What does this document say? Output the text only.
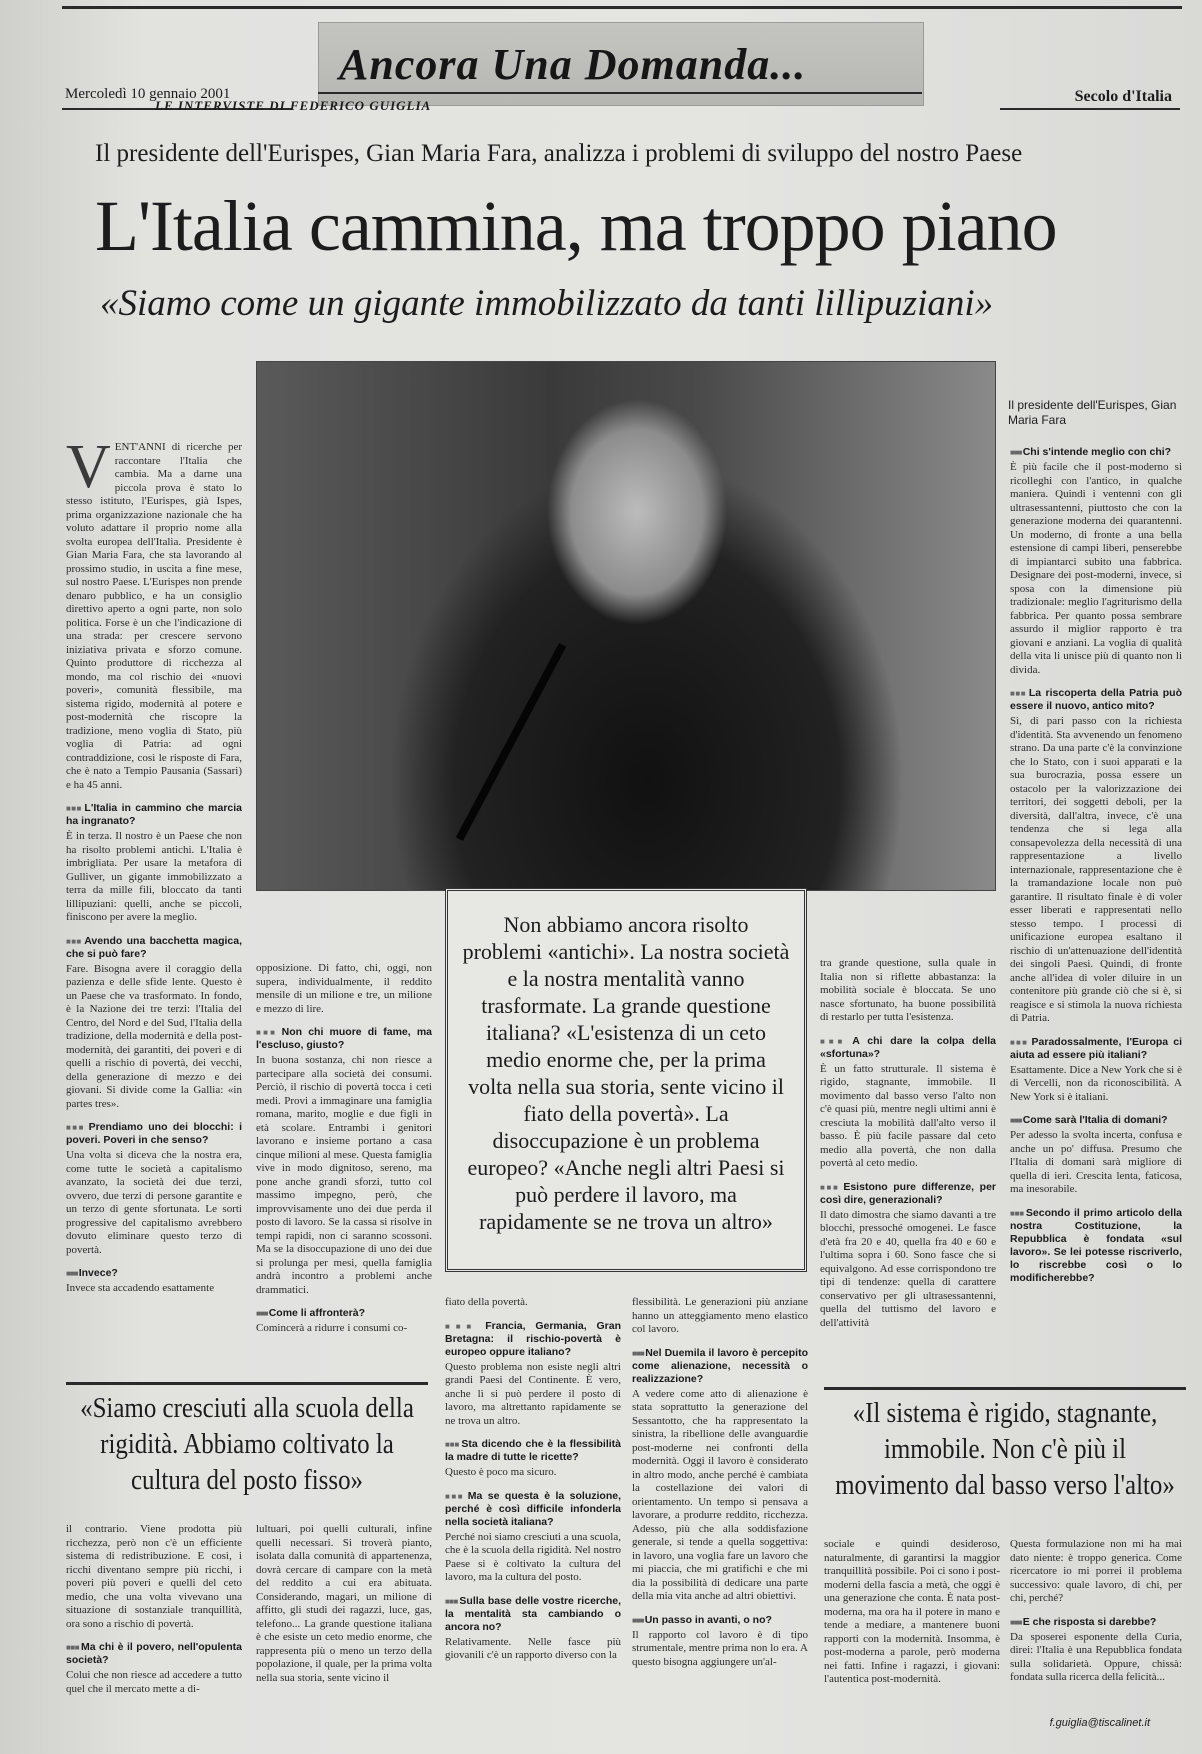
Mercoledì 10 gennaio 2001
Ancora Una Domanda...
LE INTERVISTE DI FEDERICO GUIGLIA
Secolo d'Italia
Il presidente dell'Eurispes, Gian Maria Fara, analizza i problemi di sviluppo del nostro Paese
L'Italia cammina, ma troppo piano
«Siamo come un gigante immobilizzato da tanti lillipuziani»
Il presidente dell'Eurispes, Gian Maria Fara
V ENT'ANNI di ricerche per raccontare l'Italia che cambia. Ma a darne una piccola prova è stato lo stesso istituto, l'Eurispes, già Ispes, prima organizzazione nazionale che ha voluto adattare il proprio nome alla svolta europea dell'Italia. Presidente è Gian Maria Fara, che sta lavorando al prossimo studio, in uscita a fine mese, sul nostro Paese. L'Eurispes non prende denaro pubblico, e ha un consiglio direttivo aperto a ogni parte, non solo politica. Forse è un che l'indicazione di una strada: per crescere servono iniziativa privata e sforzo comune. Quinto produttore di ricchezza al mondo, ma col rischio dei «nuovi poveri», comunità flessibile, ma sistema rigido, modernità al potere e post-modernità che riscopre la tradizione, meno voglia di Stato, più voglia di Patria: ad ogni contraddizione, così le risposte di Fara, che è nato a Tempio Pausania (Sassari) e ha 45 anni.
■■■ L'Italia in cammino che marcia ha ingranato?
È in terza. Il nostro è un Paese che non ha risolto problemi antichi. L'Italia è imbrigliata. Per usare la metafora di Gulliver, un gigante immobilizzato a terra da mille fili, bloccato da tanti lillipuziani: quelli, anche se piccoli, finiscono per avere la meglio.
■■■ Avendo una bacchetta magica, che si può fare?
Fare. Bisogna avere il coraggio della pazienza e delle sfide lente. Questo è un Paese che va trasformato. In fondo, è la Nazione dei tre terzi: l'Italia del Centro, del Nord e del Sud, l'Italia della tradizione, della modernità e della post-modernità, dei garantiti, dei poveri e di quelli a rischio di povertà, dei vecchi, della generazione di mezzo e dei giovani. Si divide come la Gallia: «in partes tres».
■■■ Prendiamo uno dei blocchi: i poveri. Poveri in che senso?
Una volta si diceva che la nostra era, come tutte le società a capitalismo avanzato, la società dei due terzi, ovvero, due terzi di persone garantite e un terzo di gente sfortunata. Le sorti progressive del capitalismo avrebbero dovuto eliminare questo terzo di povertà.
■■■ Invece?
Invece sta accadendo esattamente
opposizione. Di fatto, chi, oggi, non supera, individualmente, il reddito mensile di un milione e tre, un milione e mezzo di lire.
■■■ Non chi muore di fame, ma l'escluso, giusto?
In buona sostanza, chi non riesce a partecipare alla società dei consumi. Perciò, il rischio di povertà tocca i ceti medi. Provi a immaginare una famiglia romana, marito, moglie e due figli in età scolare. Entrambi i genitori lavorano e insieme portano a casa cinque milioni al mese. Questa famiglia vive in modo dignitoso, sereno, ma pone anche grandi sforzi, tutto col massimo impegno, però, che improvvisamente uno dei due perda il posto di lavoro. Se la cassa si risolve in tempi rapidi, non ci saranno scossoni. Ma se la disoccupazione di uno dei due si prolunga per mesi, quella famiglia andrà incontro a problemi anche drammatici.
■■■ Come li affronterà?
Comincerà a ridurre i consumi co-
Non abbiamo ancora risolto problemi «antichi». La nostra società e la nostra mentalità vanno trasformate. La grande questione italiana? «L'esistenza di un ceto medio enorme che, per la prima volta nella sua storia, sente vicino il fiato della povertà». La disoccupazione è un problema europeo? «Anche negli altri Paesi si può perdere il lavoro, ma rapidamente se ne trova un altro»
fiato della povertà.
■■■ Francia, Germania, Gran Bretagna: il rischio-povertà è europeo oppure italiano?
Questo problema non esiste negli altri grandi Paesi del Continente. È vero, anche lì si può perdere il posto di lavoro, ma altrettanto rapidamente se ne trova un altro.
■■■ Sta dicendo che è la flessibilità la madre di tutte le ricette?
Questo è poco ma sicuro.
■■■ Ma se questa è la soluzione, perché è così difficile infonderla nella società italiana?
Perché noi siamo cresciuti a una scuola, che è la scuola della rigidità. Nel nostro Paese si è coltivato la cultura del lavoro, ma la cultura del posto.
■■■ Sulla base delle vostre ricerche, la mentalità sta cambiando o ancora no?
Relativamente. Nelle fasce più giovanili c'è un rapporto diverso con la
flessibilità. Le generazioni più anziane hanno un atteggiamento meno elastico col lavoro.
■■■ Nel Duemila il lavoro è percepito come alienazione, necessità o realizzazione?
A vedere come atto di alienazione è stata soprattutto la generazione del Sessantotto, che ha rappresentato la sinistra, la ribellione delle avanguardie post-moderne nei confronti della modernità. Oggi il lavoro è considerato in altro modo, anche perché è cambiata la costellazione dei valori di orientamento. Un tempo si pensava a lavorare, a produrre reddito, ricchezza. Adesso, più che alla soddisfazione generale, si tende a quella soggettiva: in lavoro, una voglia fare un lavoro che mi piaccia, che mi gratifichi e che mi dia la possibilità di dedicare una parte della mia vita anche ad altri obiettivi.
■■■ Un passo in avanti, o no?
Il rapporto col lavoro è di tipo strumentale, mentre prima non lo era. A questo bisogna aggiungere un'al-
tra grande questione, sulla quale in Italia non si riflette abbastanza: la mobilità sociale è bloccata. Se uno nasce sfortunato, ha buone possibilità di restarlo per tutta l'esistenza.
■■■ A chi dare la colpa della «sfortuna»?
È un fatto strutturale. Il sistema è rigido, stagnante, immobile. Il movimento dal basso verso l'alto non c'è quasi più, mentre negli ultimi anni è cresciuta la mobilità dall'alto verso il basso. È più facile passare dal ceto medio alla povertà, che non dalla povertà al ceto medio.
■■■ Esistono pure differenze, per così dire, generazionali?
Il dato dimostra che siamo davanti a tre blocchi, pressoché omogenei. Le fasce d'età fra 20 e 40, quella fra 40 e 60 e l'ultima sopra i 60. Sono fasce che si equivalgono. Ad esse corrispondono tre tipi di tendenze: quella di carattere conservativo per gli ultrasessantenni, quella del tuttismo del lavoro e dell'attività
■■■ Chi s'intende meglio con chi?
È più facile che il post-moderno si ricolleghi con l'antico, in qualche maniera. Quindi i ventenni con gli ultrasessantenni, piuttosto che con la generazione moderna dei quarantenni. Un moderno, di fronte a una bella estensione di campi liberi, penserebbe di impiantarci subito una fabbrica. Designare dei post-moderni, invece, si sposa con la dimensione più tradizionale: meglio l'agriturismo della fabbrica. Per quanto possa sembrare assurdo il miglior rapporto è tra giovani e anziani. La voglia di qualità della vita li unisce più di quanto non li divida.
■■■ La riscoperta della Patria può essere il nuovo, antico mito?
Sì, di pari passo con la richiesta d'identità. Sta avvenendo un fenomeno strano. Da una parte c'è la convinzione che lo Stato, con i suoi apparati e la sua burocrazia, possa essere un ostacolo per la valorizzazione dei territori, dei soggetti deboli, per la diversità, dall'altra, invece, c'è una tendenza che si lega alla consapevolezza della necessità di una rappresentazione a livello internazionale, rappresentazione che è la tramandazione locale non può garantire. Il risultato finale è di voler esser liberati e rappresentati nello stesso tempo. I processi di unificazione europea esaltano il rischio di un'attenuazione dell'identità dei singoli Paesi. Quindi, di fronte anche all'idea di voler diluire in un contenitore più grande ciò che si è, si reagisce e si stimola la nuova richiesta di Patria.
■■■ Paradossalmente, l'Europa ci aiuta ad essere più italiani?
Esattamente. Dice a New York che si è di Vercelli, non da riconoscibilità. A New York si è italiani.
■■■ Come sarà l'Italia di domani?
Per adesso la svolta incerta, confusa e anche un po' diffusa. Presumo che l'Italia di domani sarà migliore di quella di ieri. Crescita lenta, faticosa, ma inesorabile.
■■■ Secondo il primo articolo della nostra Costituzione, la Repubblica è fondata «sul lavoro». Se lei potesse riscriverlo, lo riscrebbe così o lo modificherebbe?
«Siamo cresciuti alla scuola della rigidità. Abbiamo coltivato la cultura del posto fisso»
«Il sistema è rigido, stagnante, immobile. Non c'è più il movimento dal basso verso l'alto»
il contrario. Viene prodotta più ricchezza, però non c'è un efficiente sistema di redistribuzione. E così, i ricchi diventano sempre più ricchi, i poveri più poveri e quelli del ceto medio, che una volta vivevano una situazione di sostanziale tranquillità, ora sono a rischio di povertà.
■■■ Ma chi è il povero, nell'opulenta società?
Colui che non riesce ad accedere a tutto quel che il mercato mette a di-
lultuari, poi quelli culturali, infine quelli necessari. Si troverà pianto, isolata dalla comunità di appartenenza, dovrà cercare di campare con la metà del reddito a cui era abituata. Considerando, magari, un milione di affitto, gli studi dei ragazzi, luce, gas, telefono... La grande questione italiana è che esiste un ceto medio enorme, che rappresenta più o meno un terzo della popolazione, il quale, per la prima volta nella sua storia, sente vicino il
sociale e quindi desideroso, naturalmente, di garantirsi la maggior tranquillità possibile. Poi ci sono i post-moderni della fascia a metà, che oggi è una generazione che conta. È nata post-moderna, ma ora ha il potere in mano e tende a mediare, a mantenere buoni rapporti con la modernità. Insomma, è post-moderna a parole, però moderna nei fatti. Infine i ragazzi, i giovani: l'autentica post-modernità.
Questa formulazione non mi ha mai dato niente: è troppo generica. Come ricercatore io mi porrei il problema successivo: quale lavoro, di chi, per chi, perché?
■■■ E che risposta si darebbe?
Da sposerei esponente della Curia, direi: l'Italia è una Repubblica fondata sulla solidarietà. Oppure, chissà: fondata sulla ricerca della felicità...
f.guiglia@tiscalinet.it
